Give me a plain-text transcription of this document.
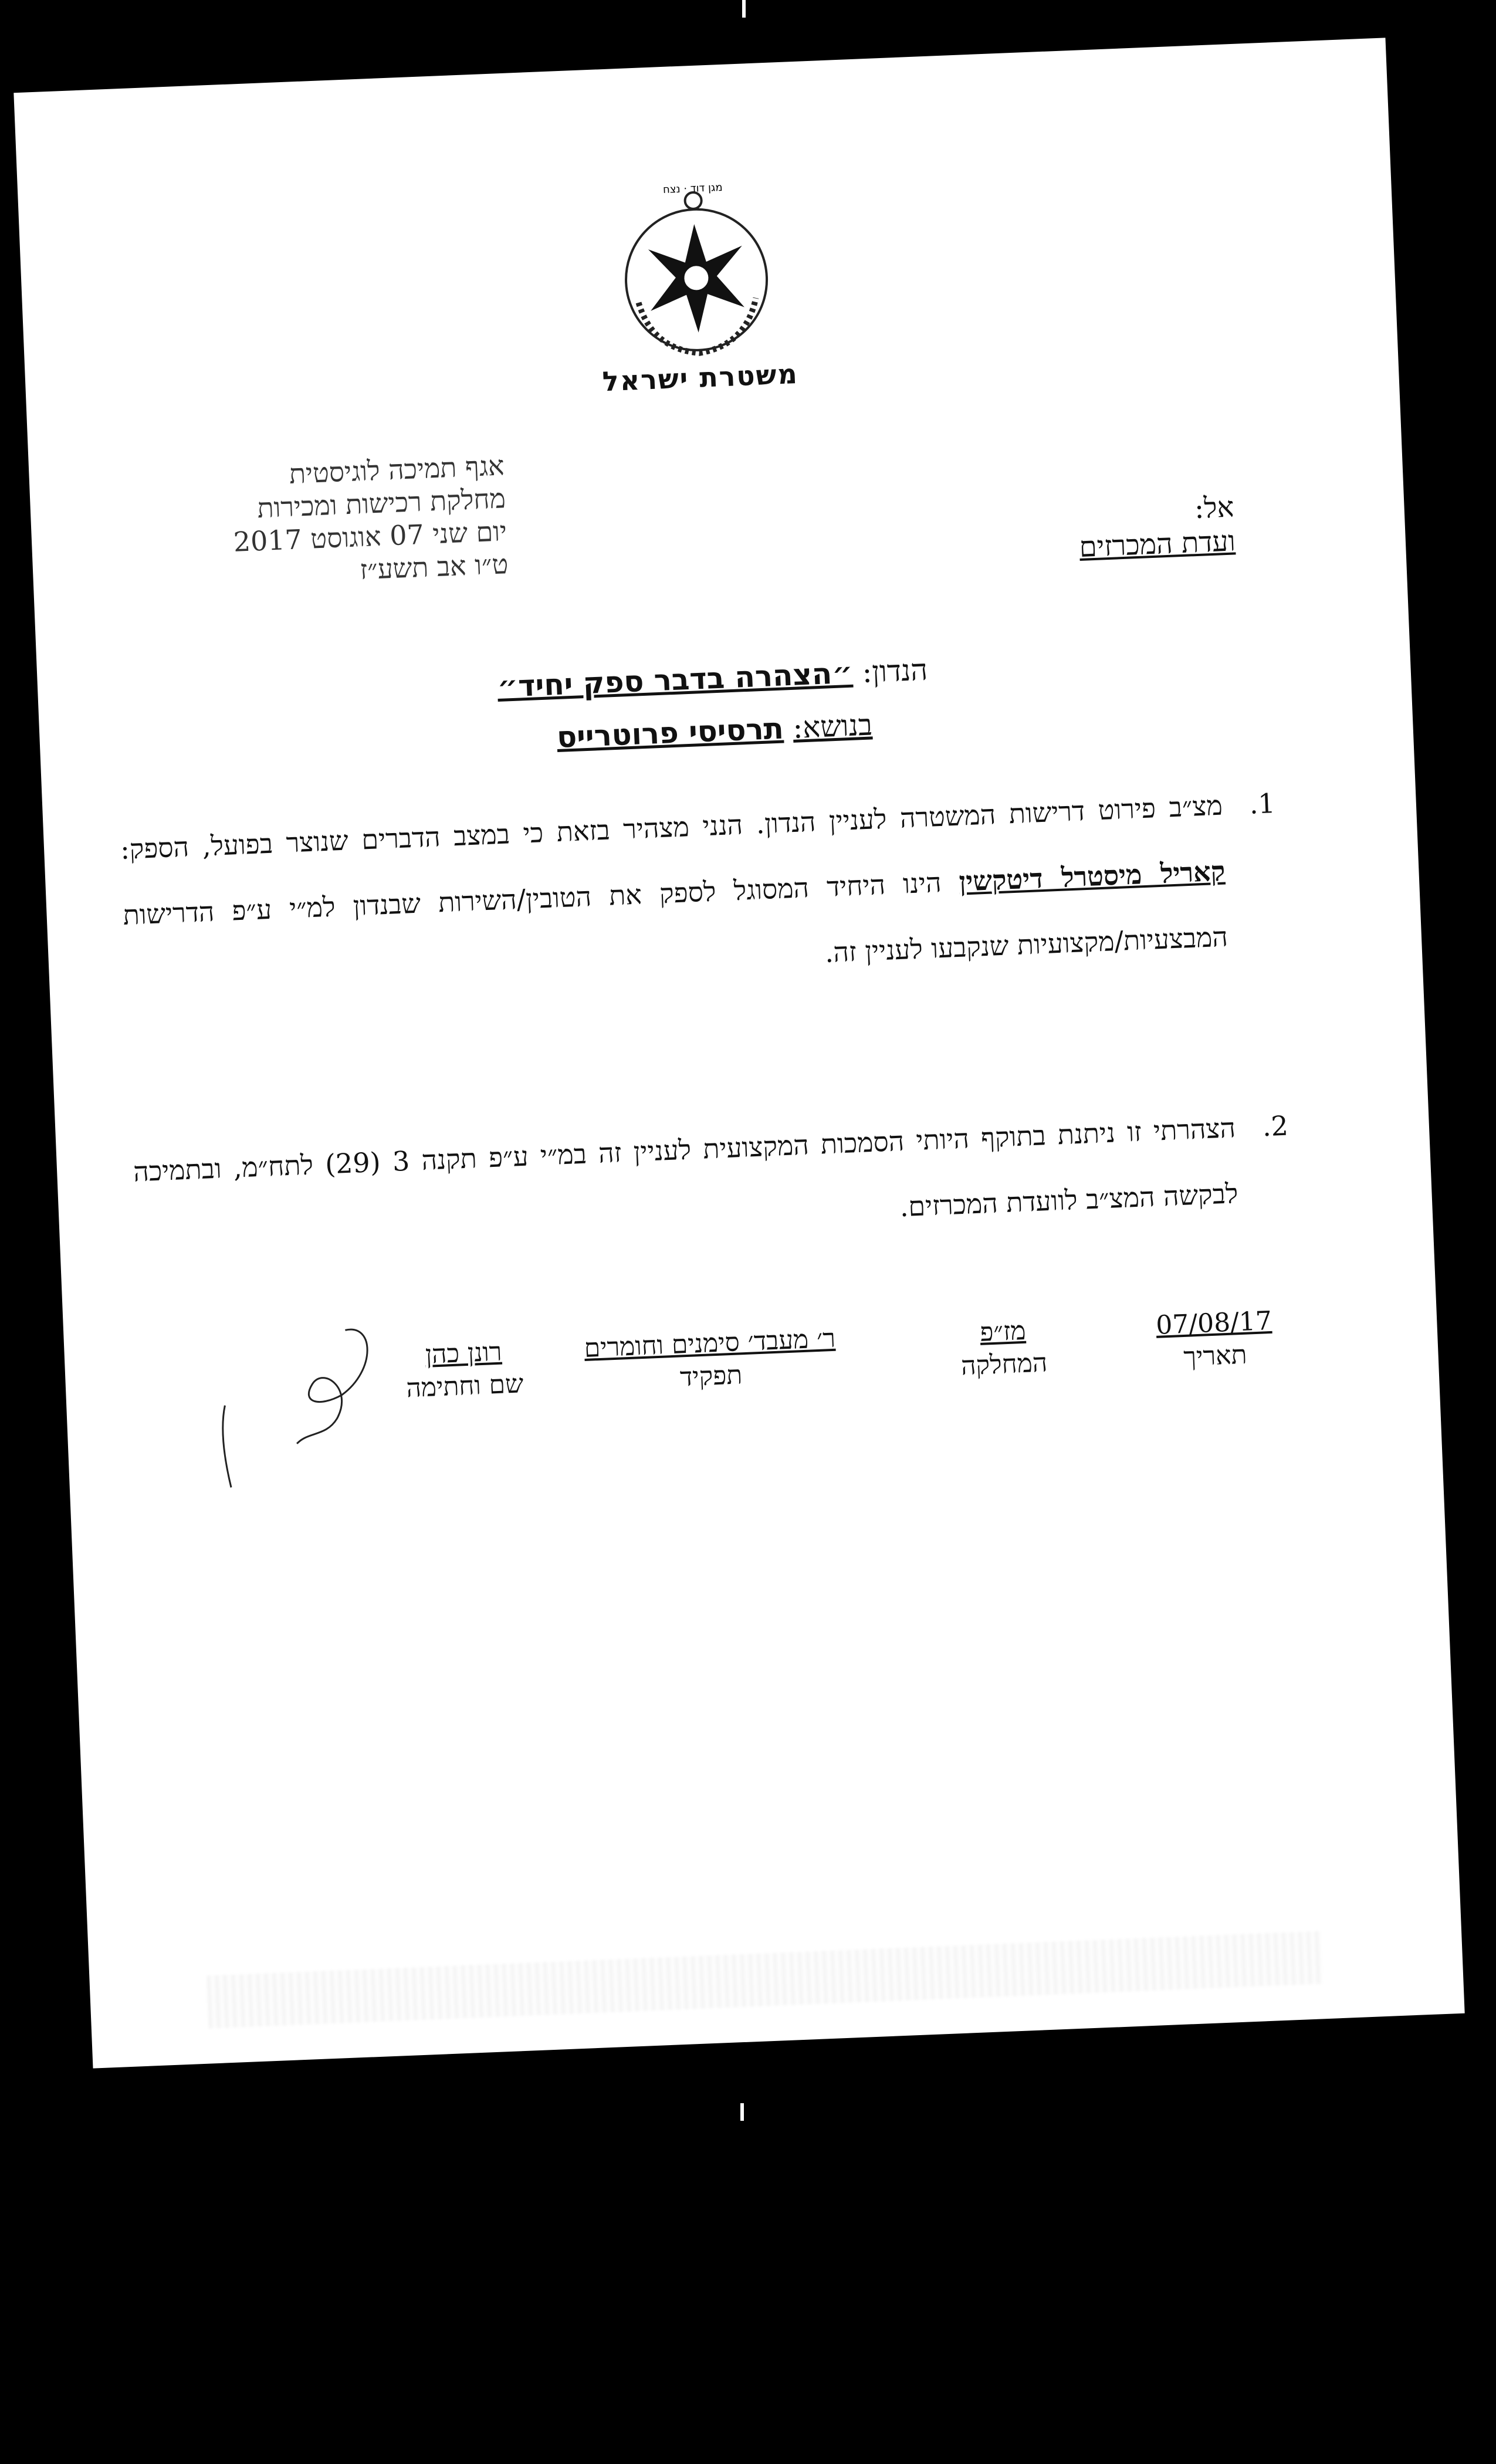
מגן דוד · נצח
משטרת ישראל
אגף תמיכה לוגיסטית
מחלקת רכישות ומכירות
יום שני 07 אוגוסט 2017
ט״ו אב תשע״ז
אל:
ועדת המכרזים
הנדון: ״הצהרה בדבר ספק יחיד״
בנושא: תרסיסי פרוטרייס
1.
מצ״ב פירוט דרישות המשטרה לעניין הנדון. הנני מצהיר בזאת כי במצב הדברים שנוצר בפועל, הספק: קאריל מיסטרל דיטקשין הינו היחיד המסוגל לספק את הטובין/השירות שבנדון למ״י ע״פ הדרישות המבצעיות/מקצועיות שנקבעו לעניין זה.
2.
הצהרתי זו ניתנת בתוקף היותי הסמכות המקצועית לעניין זה במ״י ע״פ תקנה 3 (29) לתח״מ, ובתמיכה לבקשה המצ״ב לוועדת המכרזים.
07/08/17
תאריך
מז״פ
המחלקה
ר׳ מעבד׳ סימנים וחומרים
תפקיד
רונן כהן
שם וחתימה
